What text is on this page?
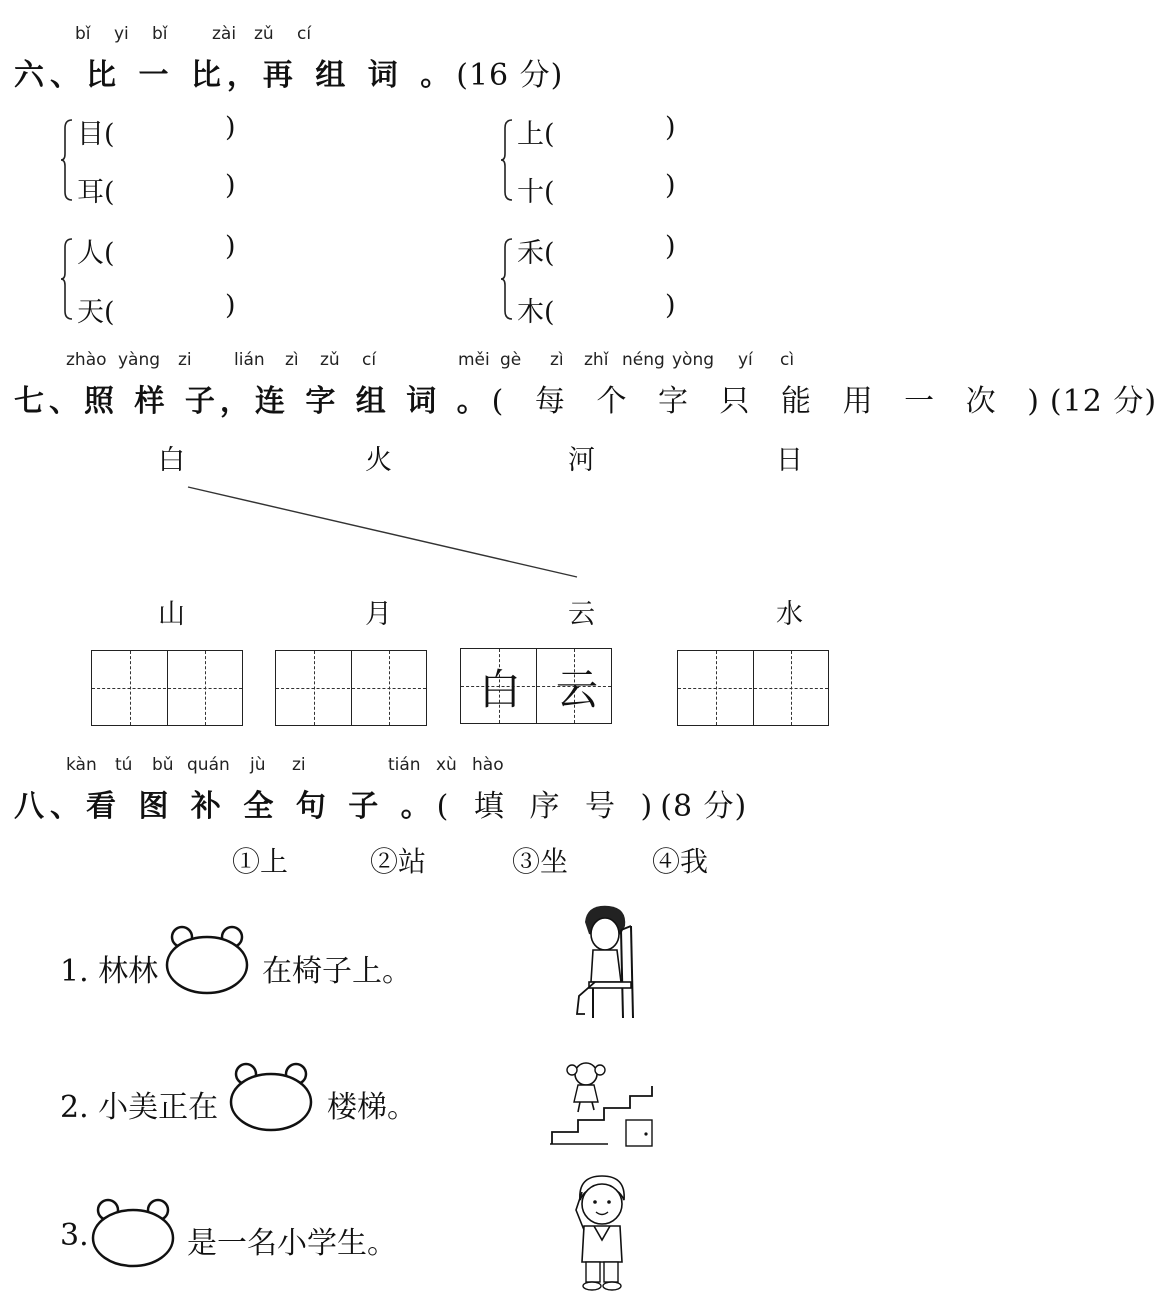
bǐ yi bǐ	zài zǔ cí
六、比 一 比，再 组 词 。(16 分)
目(	)
耳(	)
上(	)
十(	)
人(	)
天(	)
禾(	)
木(	)
zhào yàng zi lián zì zǔ cí	měi gè zì zhǐ néng yòng yí cì
七、照 样 子，连 字 组 词 。( 每 个 字 只 能 用 一 次 )(12 分)
白	火	河	日
山	月	云	水
白 云
kàn tú bǔ quán jù zi	tián xù hào
八、看 图 补 全 句 子 。( 填 序 号 )(8 分)
①上	②站	③坐	④我
1. 林林	在椅子上。
2. 小美正在	楼梯。
3.	是一名小学生。
